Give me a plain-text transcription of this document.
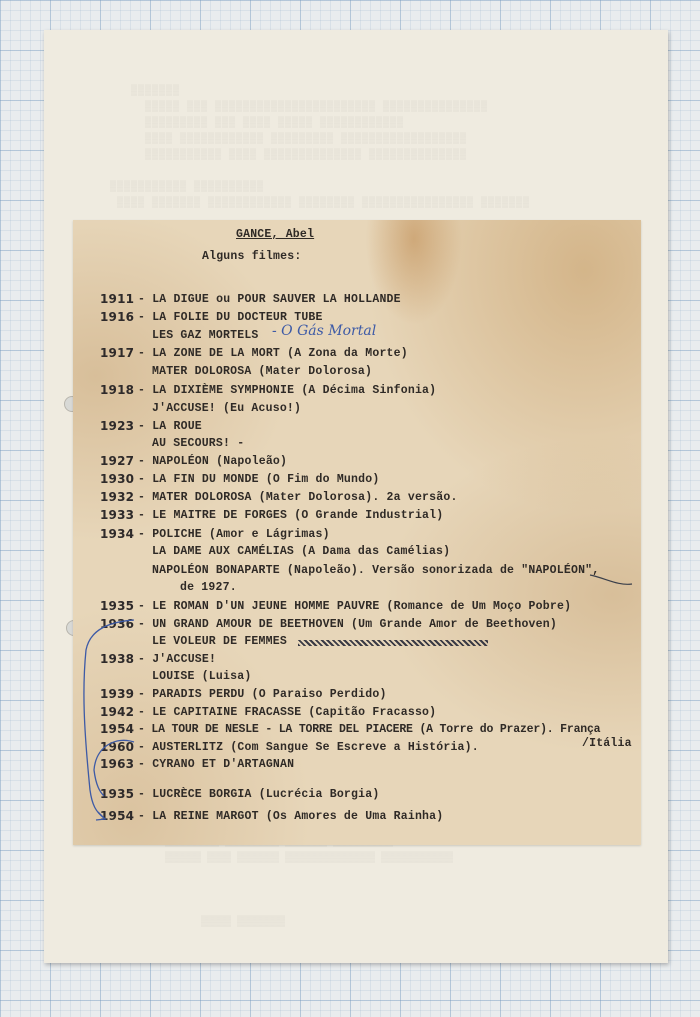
▒▒▒▒▒▒▒
▒▒▒▒▒ ▒▒▒ ▒▒▒▒▒▒▒▒▒▒▒▒▒▒▒▒▒▒▒▒▒▒▒ ▒▒▒▒▒▒▒▒▒▒▒▒▒▒▒
▒▒▒▒▒▒▒▒▒ ▒▒▒ ▒▒▒▒ ▒▒▒▒▒ ▒▒▒▒▒▒▒▒▒▒▒▒
▒▒▒▒ ▒▒▒▒▒▒▒▒▒▒▒▒ ▒▒▒▒▒▒▒▒▒ ▒▒▒▒▒▒▒▒▒▒▒▒▒▒▒▒▒▒
▒▒▒▒▒▒▒▒▒▒▒ ▒▒▒▒ ▒▒▒▒▒▒▒▒▒▒▒▒▒▒ ▒▒▒▒▒▒▒▒▒▒▒▒▒▒

▒▒▒▒▒▒▒▒▒▒▒ ▒▒▒▒▒▒▒▒▒▒
▒▒▒▒ ▒▒▒▒▒▒▒ ▒▒▒▒▒▒▒▒▒▒▒▒ ▒▒▒▒▒▒▒▒ ▒▒▒▒▒▒▒▒▒▒▒▒▒▒▒▒ ▒▒▒▒▒▒▒

▒▒▒▒▒▒ ▒▒▒▒ ▒▒▒▒▒▒▒ ▒▒▒▒▒▒▒▒▒▒▒▒▒▒▒ ▒▒▒▒▒▒▒▒▒▒▒▒

▒▒▒▒▒ ▒▒▒▒▒▒▒▒
GANCE, Abel
Alguns filmes:
1911 - LA DIGUE ou POUR SAUVER LA HOLLANDE
1916 - LA FOLIE DU DOCTEUR TUBE
LES GAZ MORTELS
1917 - LA ZONE DE LA MORT (A Zona da Morte)
MATER DOLOROSA (Mater Dolorosa)
1918 - LA DIXIÈME SYMPHONIE (A Décima Sinfonia)
J'ACCUSE! (Eu Acuso!)
1923 - LA ROUE
AU SECOURS! -
1927 - NAPOLÉON (Napoleão)
1930 - LA FIN DU MONDE (O Fim do Mundo)
1932 - MATER DOLOROSA (Mater Dolorosa). 2a versão.
1933 - LE MAITRE DE FORGES (O Grande Industrial)
1934 - POLICHE (Amor e Lágrimas)
LA DAME AUX CAMÉLIAS (A Dama das Camélias)
NAPOLÉON BONAPARTE (Napoleão). Versão sonorizada de "NAPOLÉON",
de 1927.
1935 - LE ROMAN D'UN JEUNE HOMME PAUVRE (Romance de Um Moço Pobre)
1936 - UN GRAND AMOUR DE BEETHOVEN (Um Grande Amor de Beethoven)
LE VOLEUR DE FEMMES
1938 - J'ACCUSE!
LOUISE (Luisa)
1939 - PARADIS PERDU (O Paraiso Perdido)
1942 - LE CAPITAINE FRACASSE (Capitão Fracasso)
1954 - LA TOUR DE NESLE - LA TORRE DEL PIACERE (A Torre do Prazer). França
/Itália
1960 - AUSTERLITZ (Com Sangue Se Escreve a História).
1963 - CYRANO ET D'ARTAGNAN
1935 - LUCRÈCE BORGIA (Lucrécia Borgia)
1954 - LA REINE MARGOT (Os Amores de Uma Rainha)
- O Gás Mortal
